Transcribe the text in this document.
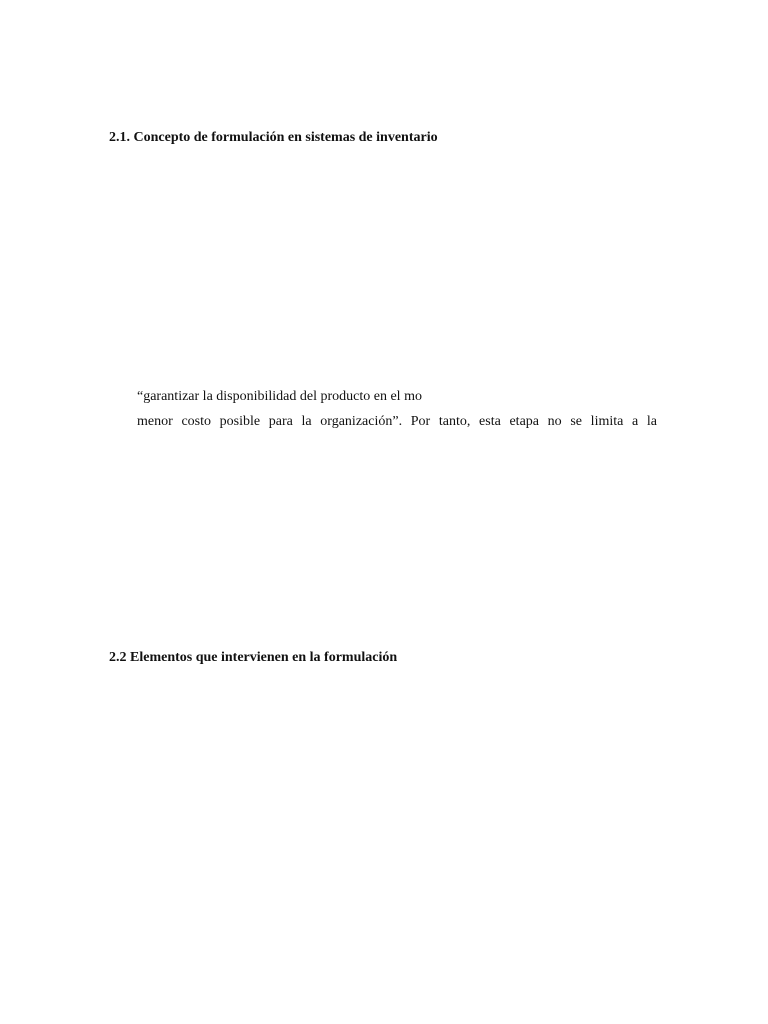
2.1. Concepto de formulación en sistemas de inventario
“garantizar la disponibilidad del producto en el mo
menor costo posible para la organización”. Por tanto, esta etapa no se limita a la
2.2 Elementos que intervienen en la formulación
